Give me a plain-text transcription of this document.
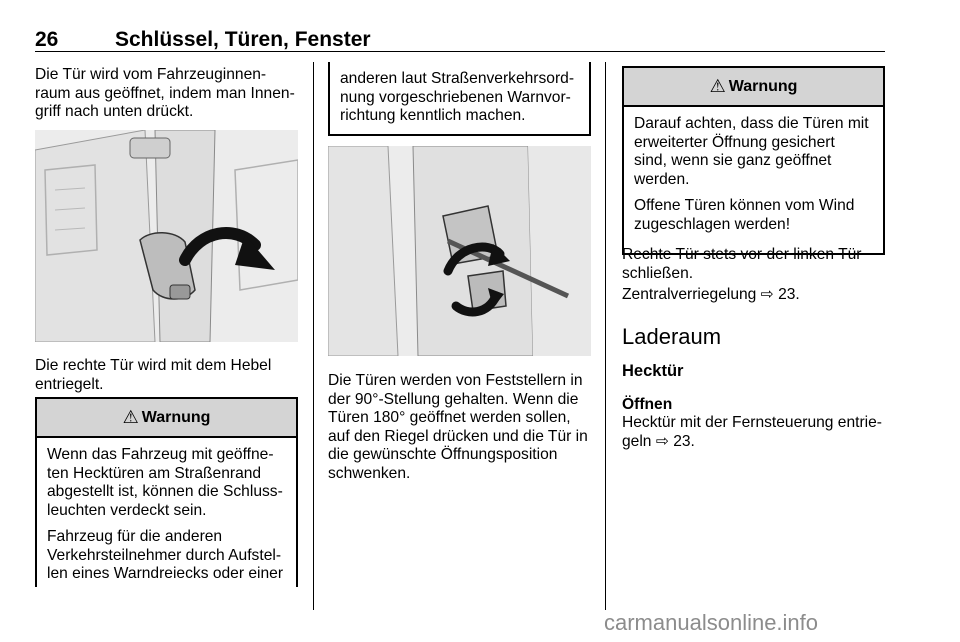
26	Schlüssel, Türen, Fenster
Die Tür wird vom Fahrzeuginnen-
raum aus geöffnet, indem man Innen-
griff nach unten drückt.
Die rechte Tür wird mit dem Hebel
entriegelt.
⚠ Warnung

Wenn das Fahrzeug mit geöffne-
ten Hecktüren am Straßenrand
abgestellt ist, können die Schluss-
leuchten verdeckt sein.

Fahrzeug für die anderen
Verkehrsteilnehmer durch Aufstel-
len eines Warndreiecks oder einer

anderen laut Straßenverkehrsord-
nung vorgeschriebenen Warnvor-
richtung kenntlich machen.

Die Türen werden von Feststellern in
der 90°-Stellung gehalten. Wenn die
Türen 180° geöffnet werden sollen,
auf den Riegel drücken und die Tür in
die gewünschte Öffnungsposition
schwenken.
⚠ Warnung

Darauf achten, dass die Türen mit
erweiterter Öffnung gesichert
sind, wenn sie ganz geöffnet
werden.

Offene Türen können vom Wind
zugeschlagen werden!

Rechte Tür stets vor der linken Tür
schließen.
Zentralverriegelung ⇨ 23.
Laderaum
Hecktür
Öffnen
Hecktür mit der Fernsteuerung entrie-
geln ⇨ 23.
carmanualsonline.info
